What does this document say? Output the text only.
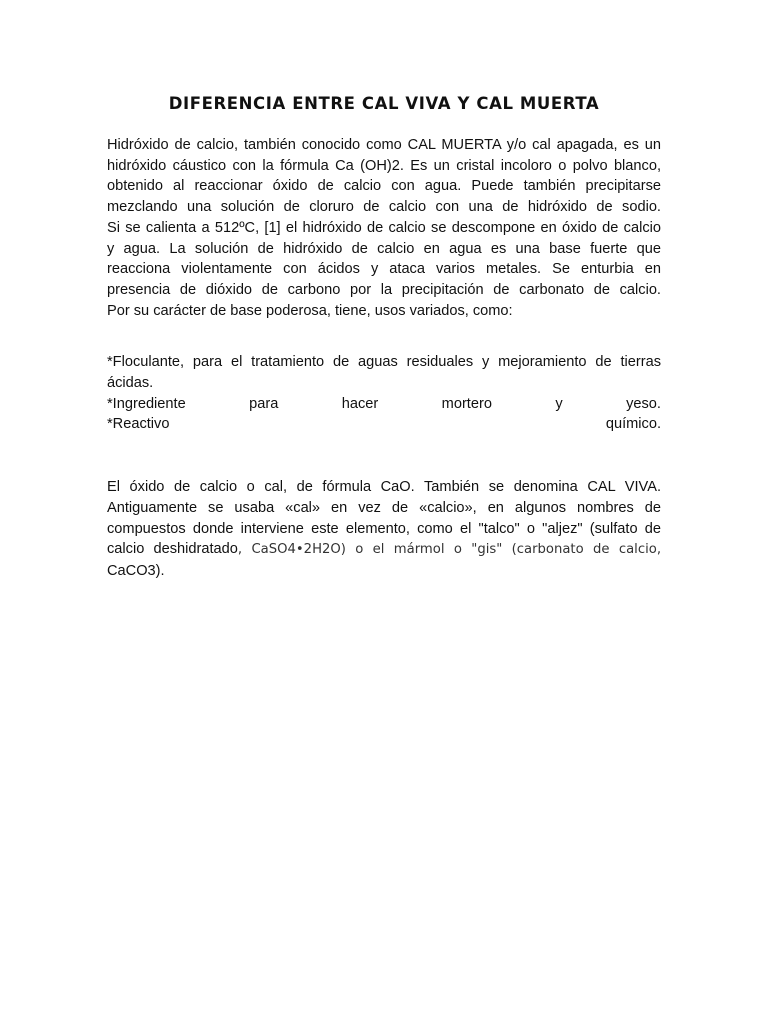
DIFERENCIA ENTRE CAL VIVA Y CAL MUERTA
Hidróxido de calcio, también conocido como CAL MUERTA y/o cal apagada, es un
hidróxido cáustico con la fórmula Ca (OH)2. Es un cristal incoloro o polvo blanco,
obtenido al reaccionar óxido de calcio con agua. Puede también precipitarse
mezclando una solución de cloruro de calcio con una de hidróxido de sodio.
Si se calienta a 512ºC, [1] el hidróxido de calcio se descompone en óxido de calcio
y agua. La solución de hidróxido de calcio en agua es una base fuerte que
reacciona violentamente con ácidos y ataca varios metales. Se enturbia en
presencia de dióxido de carbono por la precipitación de carbonato de calcio.
Por su carácter de base poderosa, tiene, usos variados, como:
*Floculante, para el tratamiento de aguas residuales y mejoramiento de tierras
ácidas.
*Ingrediente	para	hacer	mortero	y	yeso.
*Reactivo	químico.
El óxido de calcio o cal, de fórmula CaO. También se denomina CAL VIVA.
Antiguamente se usaba «cal» en vez de «calcio», en algunos nombres de
compuestos donde interviene este elemento, como el "talco" o "aljez" (sulfato de
calcio deshidratado, CaSO4•2H2O) o el mármol o "gis" (carbonato de calcio,
CaCO3).
